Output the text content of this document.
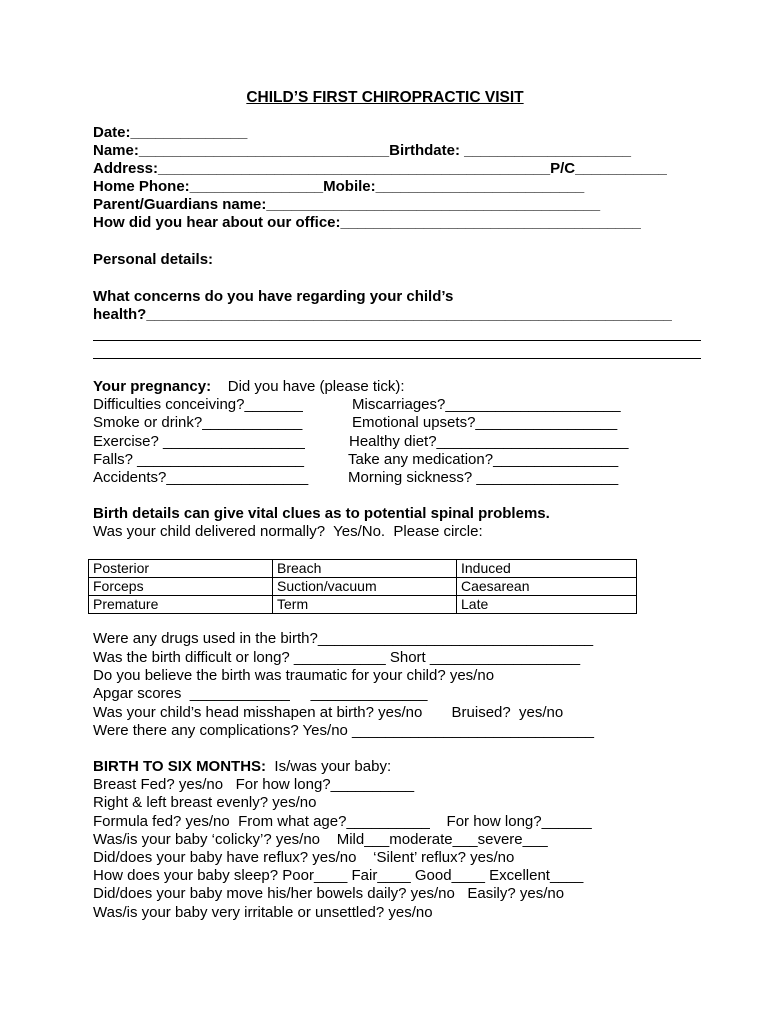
CHILD’S FIRST CHIROPRACTIC VISIT
Date:______________
Name:______________________________Birthdate: ____________________
Address:_______________________________________________P/C___________
Home Phone:________________Mobile:_________________________
Parent/Guardians name:________________________________________
How did you hear about our office:____________________________________
Personal details:
What concerns do you have regarding your child’s
health?_______________________________________________________________
Your pregnancy: Did you have (please tick):
Difficulties conceiving?_______
Smoke or drink?____________
Exercise? _________________
Falls? ____________________
Accidents?_________________
Miscarriages?_____________________
Emotional upsets?_________________
Healthy diet?_______________________
Take any medication?_______________
Morning sickness? _________________
Birth details can give vital clues as to potential spinal problems.
Was your child delivered normally?  Yes/No.  Please circle:
Posterior	Breach	Induced
Forceps	Suction/vacuum	Caesarean
Premature	Term	Late
Were any drugs used in the birth?_________________________________
Was the birth difficult or long? ___________ Short __________________
Do you believe the birth was traumatic for your child? yes/no
Apgar scores  ____________     ______________
Was your child’s head misshapen at birth? yes/no       Bruised?  yes/no
Were there any complications? Yes/no _____________________________
BIRTH TO SIX MONTHS: Is/was your baby:
Breast Fed? yes/no   For how long?__________
Right & left breast evenly? yes/no
Formula fed? yes/no  From what age?__________    For how long?______
Was/is your baby ‘colicky’? yes/no    Mild___moderate___severe___
Did/does your baby have reflux? yes/no    ‘Silent’ reflux? yes/no
How does your baby sleep? Poor____ Fair____ Good____ Excellent____
Did/does your baby move his/her bowels daily? yes/no   Easily? yes/no
Was/is your baby very irritable or unsettled? yes/no
